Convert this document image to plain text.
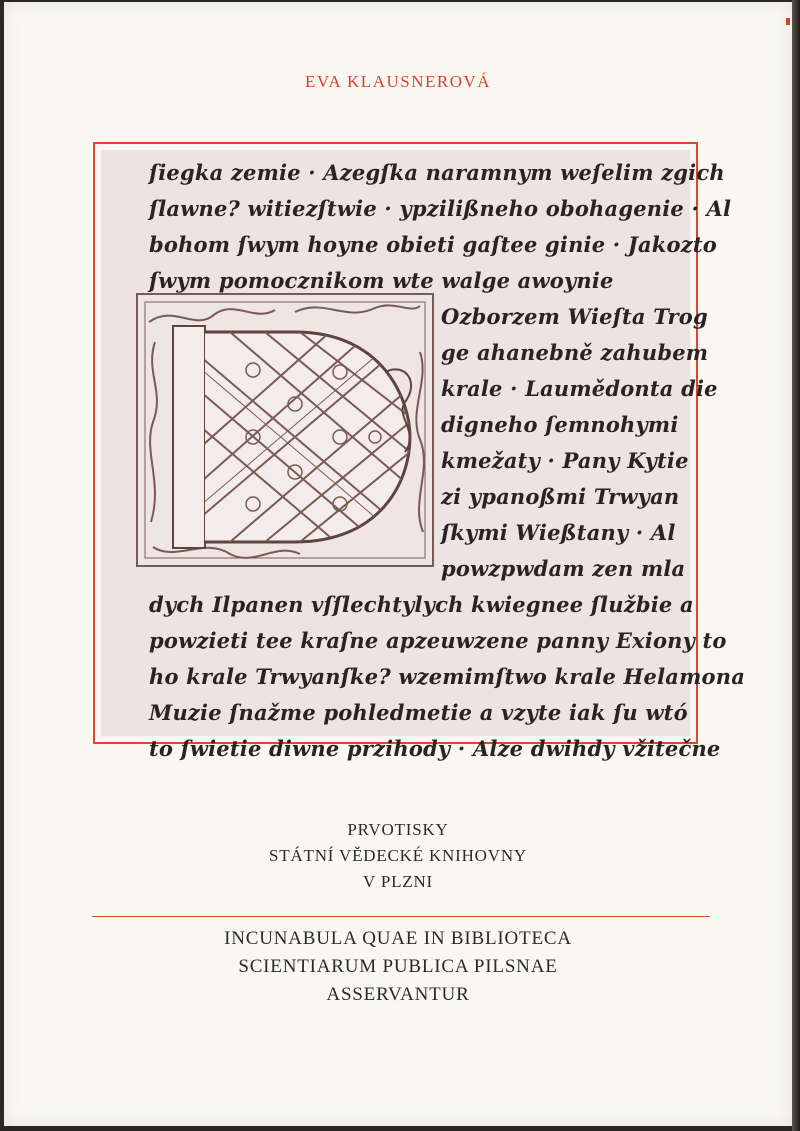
EVA KLAUSNEROVÁ
ſiegka zemie · Azegſka naramnym weſelim zgich
ſlawne? witiezſtwie · ypzilißneho obohagenie · Al
bohom ſwym hoyne obieti gaſtee ginie · Jakozto
ſwym pomocznikom wte walge awoynie
Ozborzem Wieſta Trog
ge ahanebně zahubem
krale · Laumědonta die
digneho ſemnohymi
kmežaty · Pany Kytie
zi ypanoßmi Trwyan
ſkymi Wießtany · Al
powzpwdam zen mla
dych Ilpanen vſſlechtylych kwiegnee ſlužbie a
powzieti tee kraſne apzeuwzene panny Exiony to
ho krale Trwyanſke? wzemimſtwo krale Helamona
Muzie ſnažme pohledmetie a vzyte iak ſu wtó
to ſwietie diwne przihody · Alze dwihdy vžitečne
PRVOTISKY
STÁTNÍ VĚDECKÉ KNIHOVNY
V PLZNI
INCUNABULA QUAE IN BIBLIOTECA
SCIENTIARUM PUBLICA PILSNAE
ASSERVANTUR
